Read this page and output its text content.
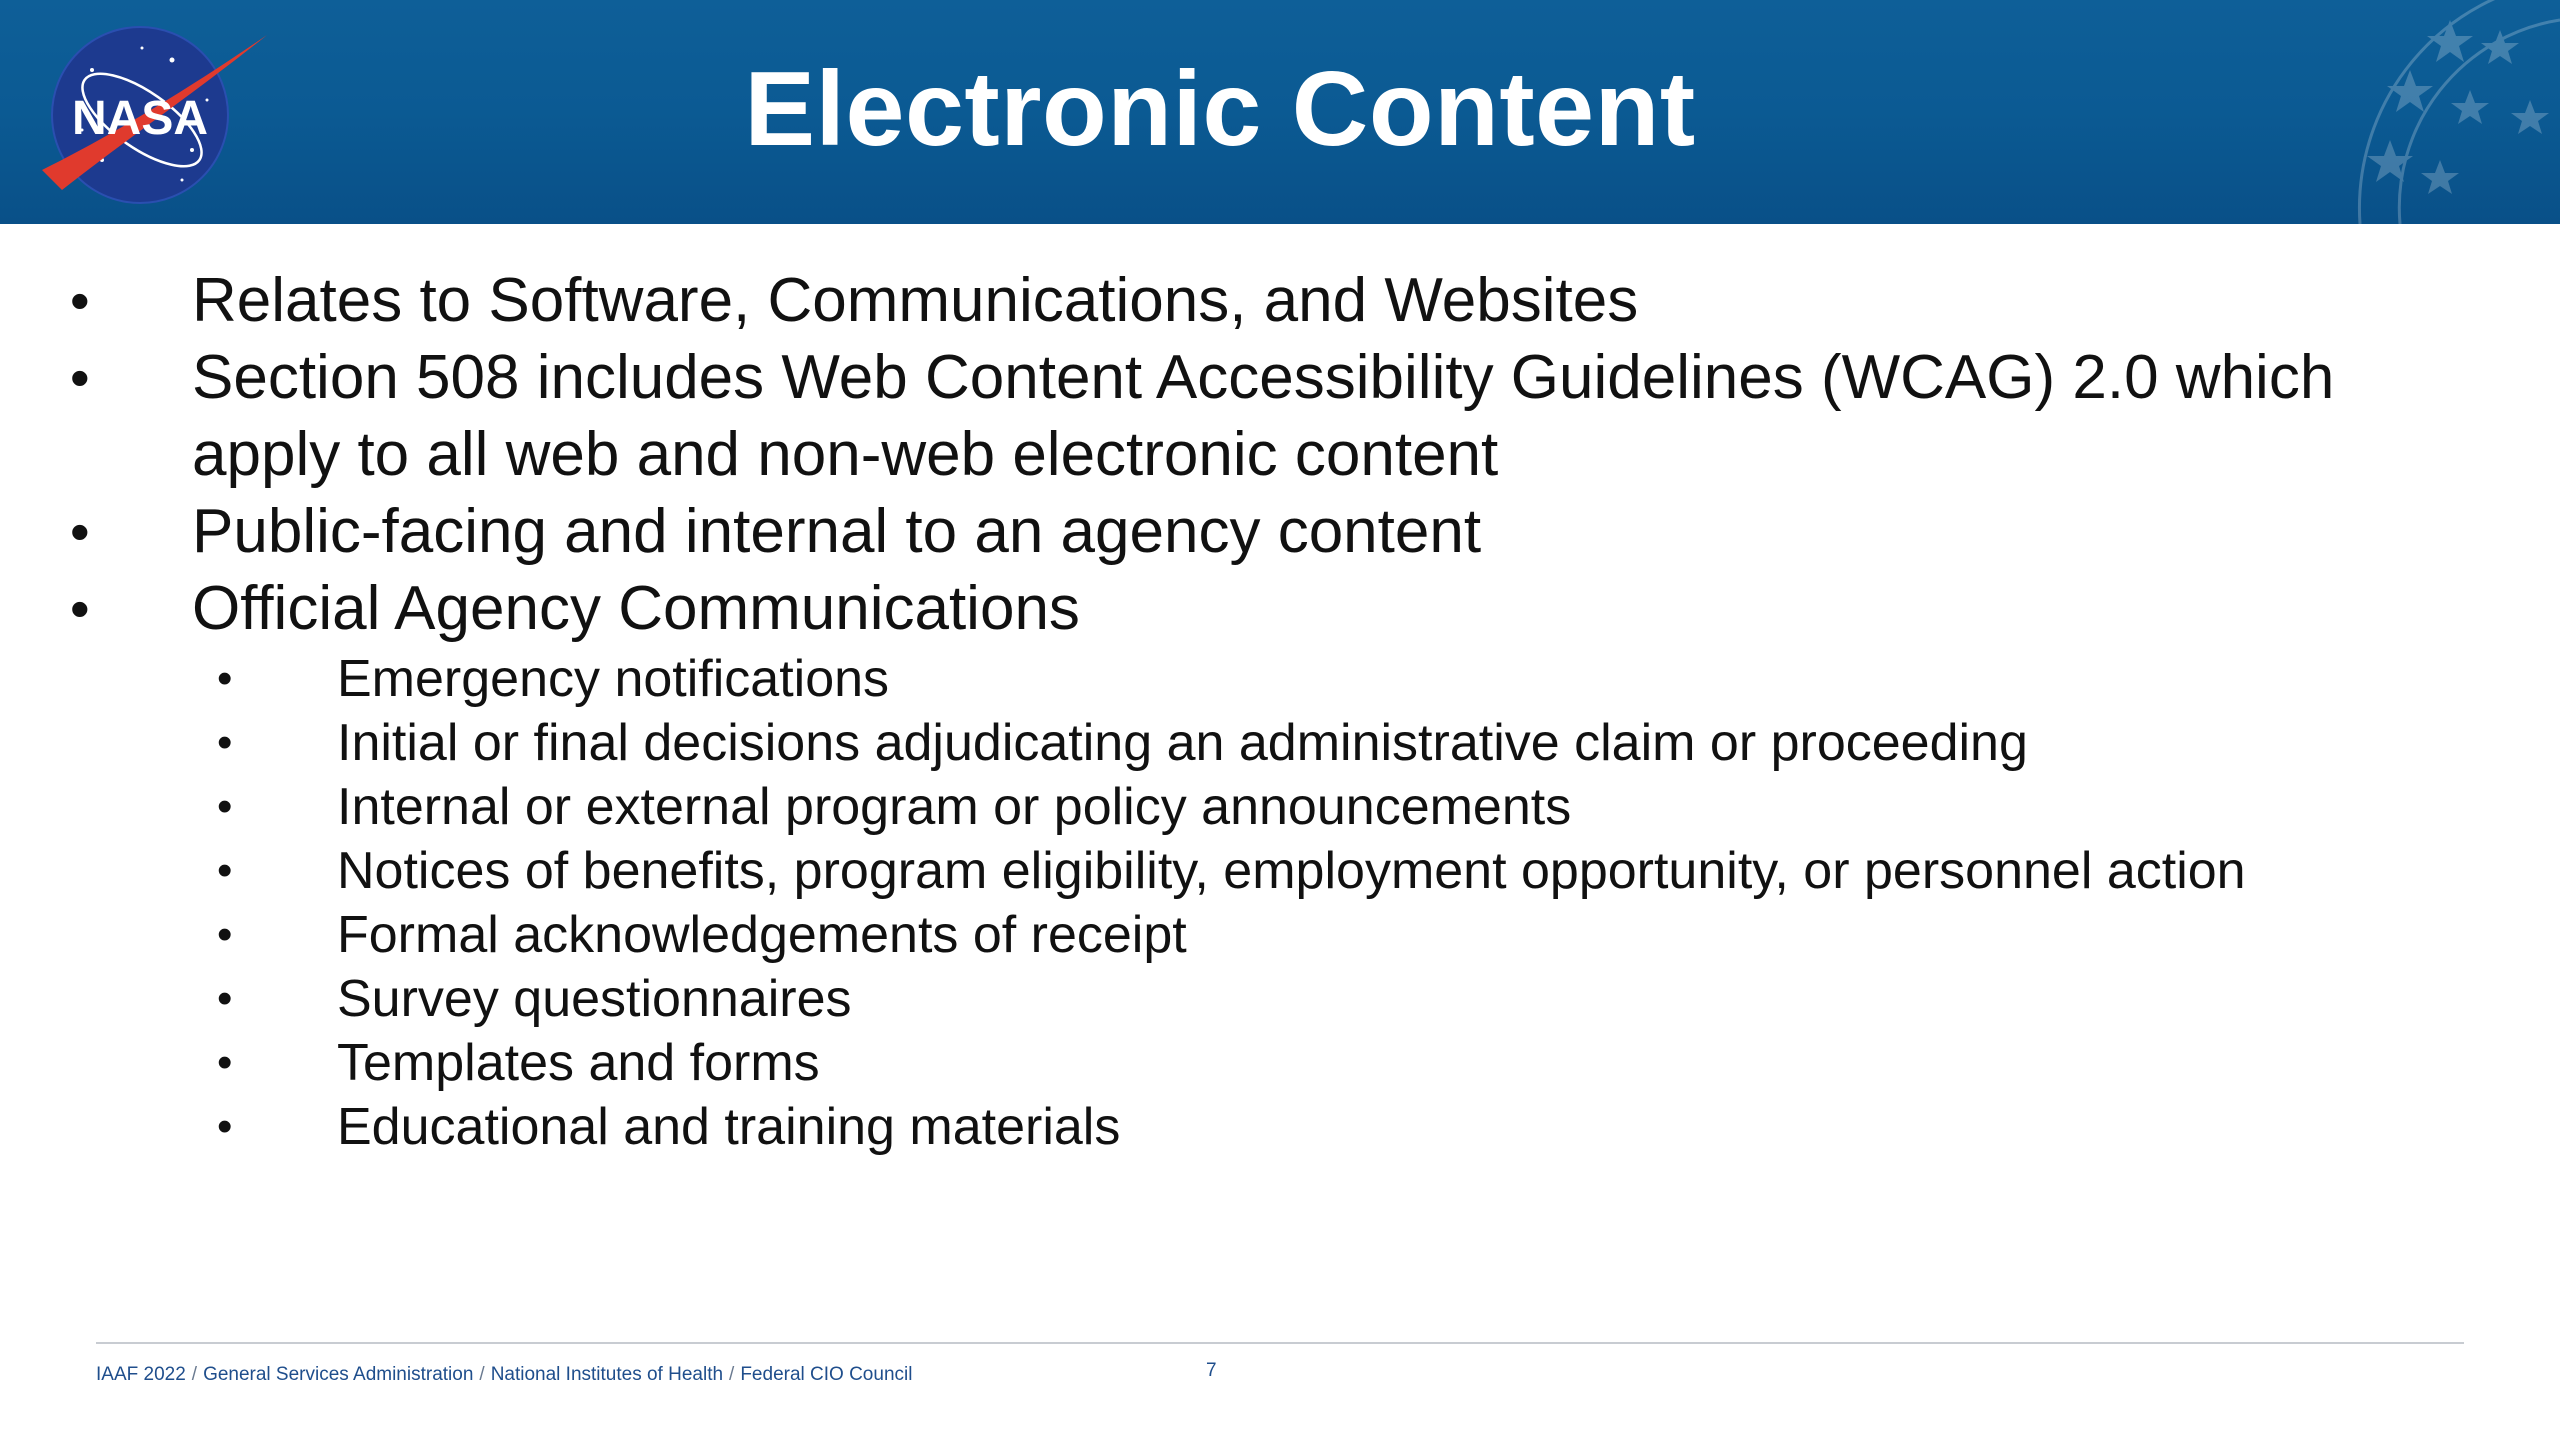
NASA	Electronic Content
• Relates to Software, Communications, and Websites
• Section 508 includes Web Content Accessibility Guidelines (WCAG) 2.0 which apply to all web and non-web electronic content
• Public-facing and internal to an agency content
• Official Agency Communications
• Emergency notifications
• Initial or final decisions adjudicating an administrative claim or proceeding
• Internal or external program or policy announcements
• Notices of benefits, program eligibility, employment opportunity, or personnel action
• Formal acknowledgements of receipt
• Survey questionnaires
• Templates and forms
• Educational and training materials
IAAF 2022 / General Services Administration / National Institutes of Health / Federal CIO Council	7
